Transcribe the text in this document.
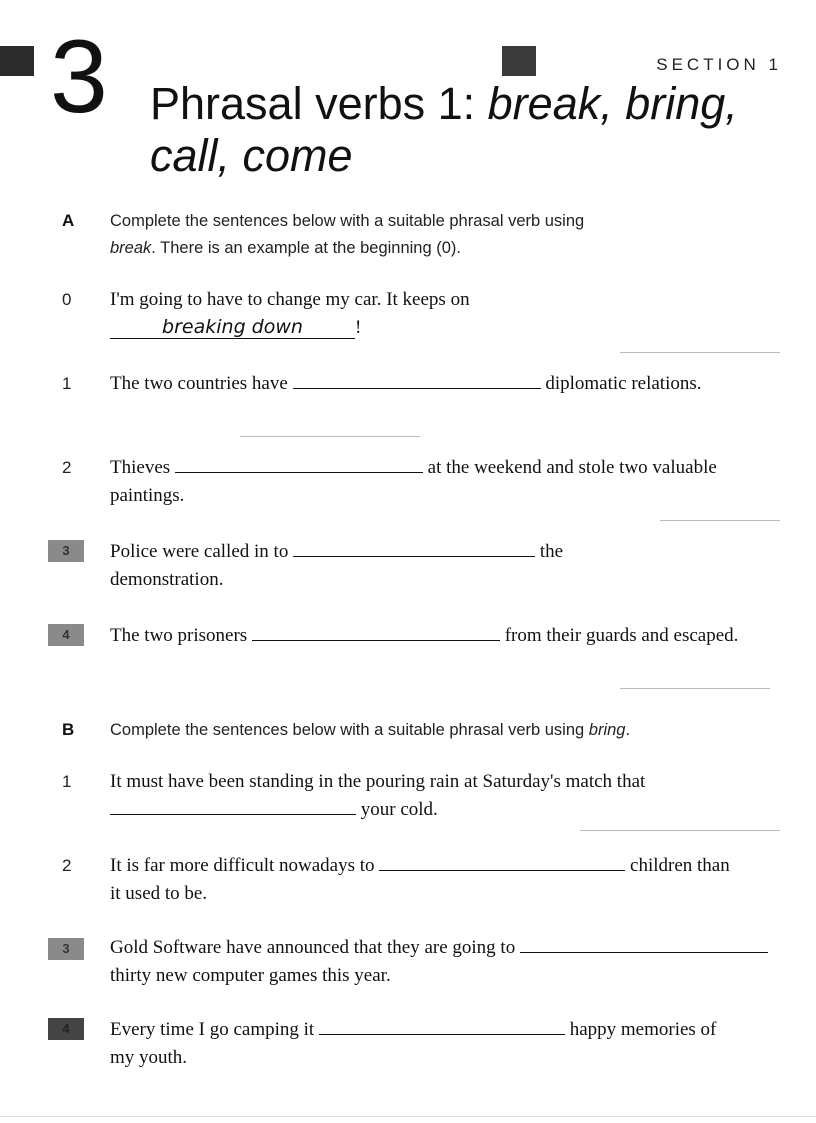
SECTION 1
3 Phrasal verbs 1: break, bring, call, come
A Complete the sentences below with a suitable phrasal verb using
break. There is an example at the beginning (0).
0 I'm going to have to change my car. It keeps on
breaking down	!
1 The two countries have	diplomatic relations.
2 Thieves	at the weekend and stole two valuable paintings.
3	Police were called in to	the demonstration.
4	The two prisoners	from their guards and escaped.
B Complete the sentences below with a suitable phrasal verb using bring.
1 It must have been standing in the pouring rain at Saturday's match that  your cold.
2 It is far more difficult nowadays to	children than it used to be.
3	Gold Software have announced that they are going to  thirty new computer games this year.
4	Every time I go camping it	happy memories of my youth.
